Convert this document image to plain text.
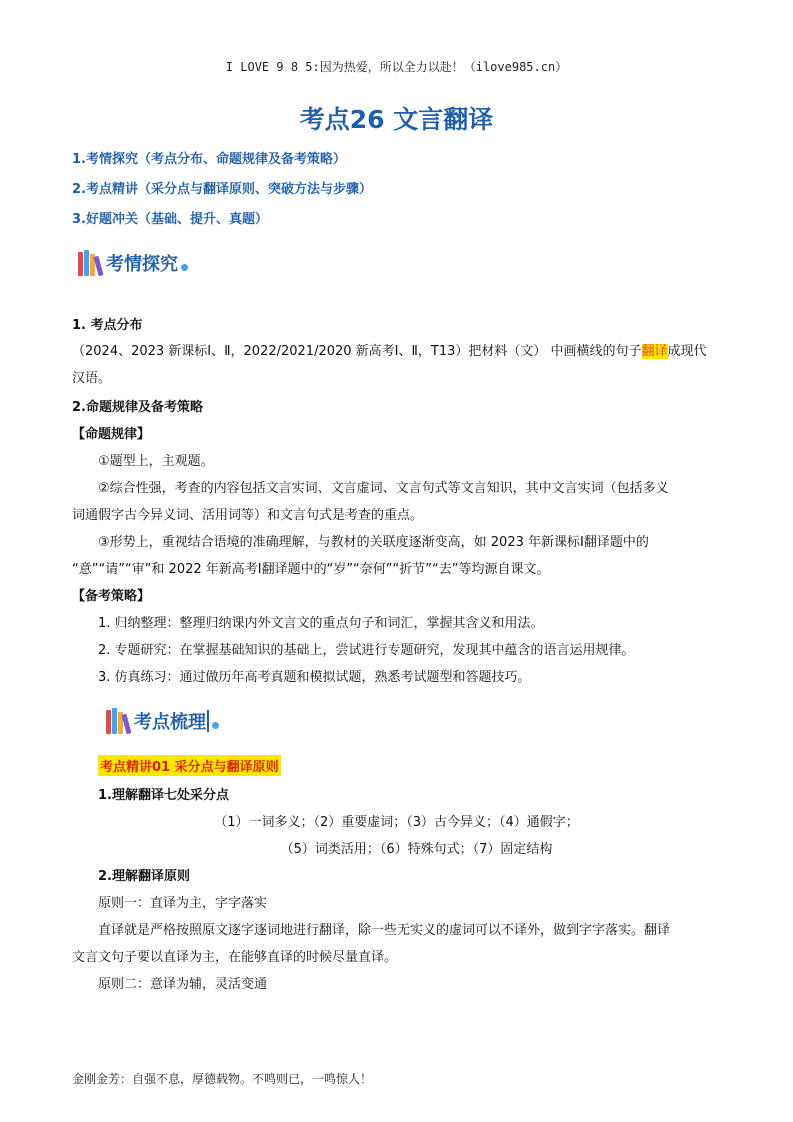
I LOVE 9 8 5:因为热爱，所以全力以赴！（ilove985.cn）
考点26 文言翻译
1.考情探究（考点分布、命题规律及备考策略）
2.考点精讲（采分点与翻译原则、突破方法与步骤）
3.好题冲关（基础、提升、真题）
考情探究
1. 考点分布
（2024、2023 新课标Ⅰ、Ⅱ，2022/2021/2020 新高考Ⅰ、Ⅱ，T13）把材料（文） 中画横线的句子翻译成现代
汉语。
2.命题规律及备考策略
【命题规律】
①题型上，主观题。
②综合性强，考查的内容包括文言实词、文言虚词、文言句式等文言知识，其中文言实词（包括多义
词通假字古今异义词、活用词等）和文言句式是考查的重点。
③形势上，重视结合语境的准确理解，与教材的关联度逐渐变高，如 2023 年新课标Ⅰ翻译题中的
“意”“请”“审”和 2022 年新高考Ⅰ翻译题中的“岁”“奈何”“折节”“去”等均源自课文。
【备考策略】
1. 归纳整理：整理归纳课内外文言文的重点句子和词汇，掌握其含义和用法。
2. 专题研究：在掌握基础知识的基础上，尝试进行专题研究，发现其中蕴含的语言运用规律。
3. 仿真练习：通过做历年高考真题和模拟试题，熟悉考试题型和答题技巧。
考点梳理
考点精讲01 采分点与翻译原则
1.理解翻译七处采分点
（1）一词多义；（2）重要虚词；（3）古今异义；（4）通假字；
（5）词类活用；（6）特殊句式；（7）固定结构
2.理解翻译原则
原则一：直译为主，字字落实
直译就是严格按照原文逐字逐词地进行翻译，除一些无实义的虚词可以不译外，做到字字落实。翻译
文言文句子要以直译为主，在能够直译的时候尽量直译。
原则二：意译为辅，灵活变通
金刚金芳：自强不息，厚德载物。不鸣则已，一鸣惊人！
